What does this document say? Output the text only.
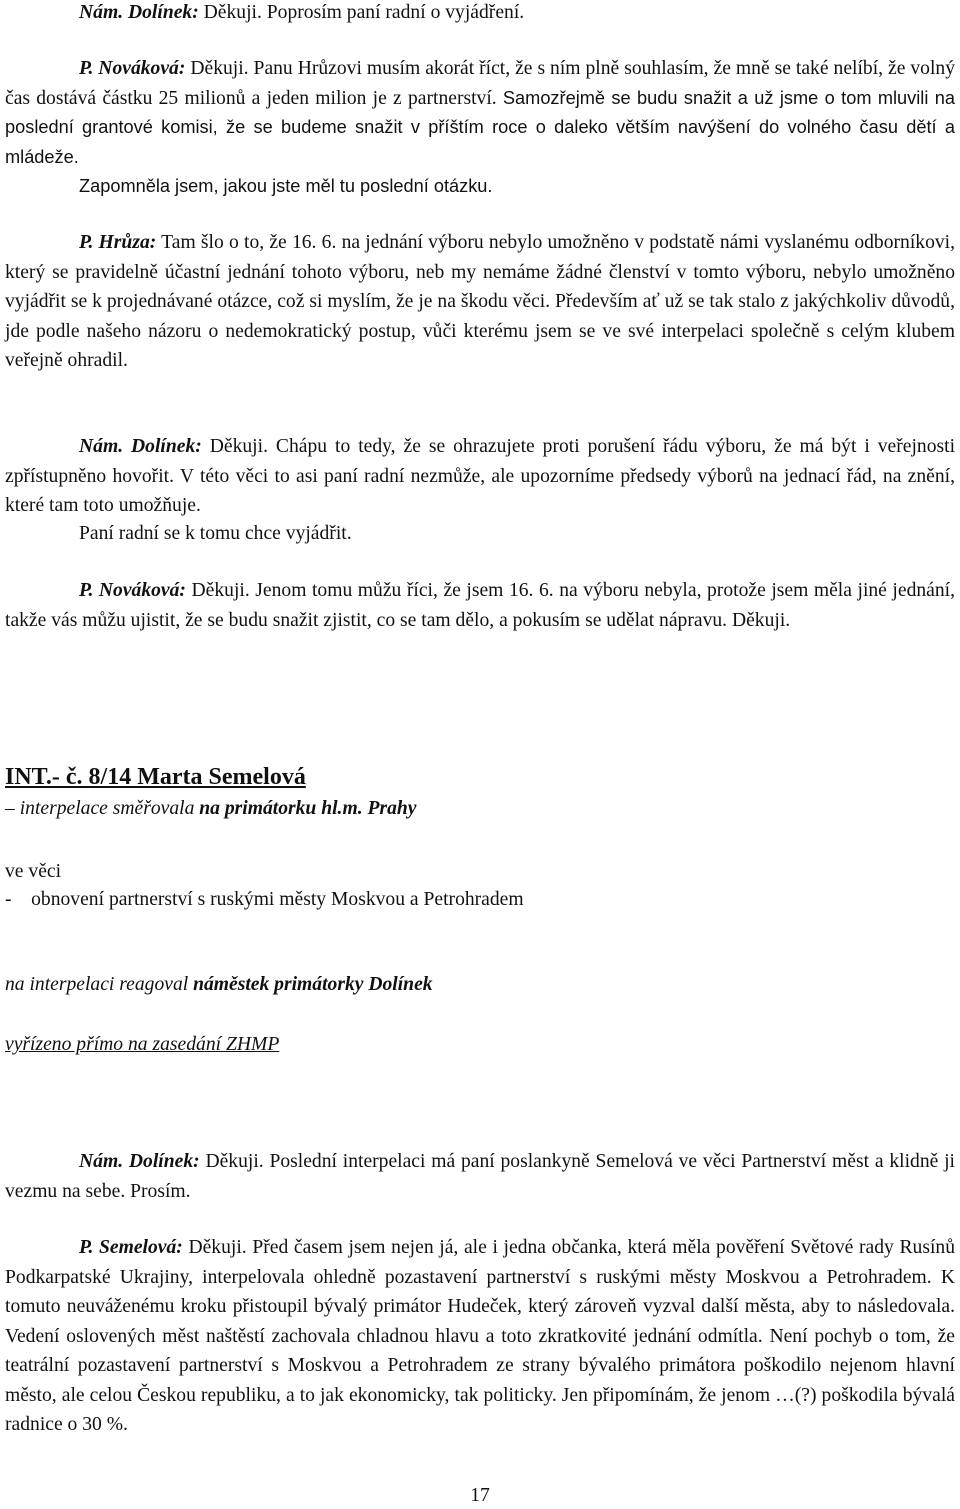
Nám. Dolínek: Děkuji. Poprosím paní radní o vyjádření.

P. Nováková: Děkuji. Panu Hrůzovi musím akorát říct, že s ním plně souhlasím, že mně se také nelíbí, že volný čas dostává částku 25 milionů a jeden milion je z partnerství. Samozřejmě se budu snažit a už jsme o tom mluvili na poslední grantové komisi, že se budeme snažit v příštím roce o daleko větším navýšení do volného času dětí a mládeže.

Zapomněla jsem, jakou jste měl tu poslední otázku.

P. Hrůza: Tam šlo o to, že 16. 6. na jednání výboru nebylo umožněno v podstatě námi vyslanému odborníkovi, který se pravidelně účastní jednání tohoto výboru, neb my nemáme žádné členství v tomto výboru, nebylo umožněno vyjádřit se k projednávané otázce, což si myslím, že je na škodu věci. Především ať už se tak stalo z jakýchkoliv důvodů, jde podle našeho názoru o nedemokratický postup, vůči kterému jsem se ve své interpelaci společně s celým klubem veřejně ohradil.

Nám. Dolínek: Děkuji. Chápu to tedy, že se ohrazujete proti porušení řádu výboru, že má být i veřejnosti zpřístupněno hovořit. V této věci to asi paní radní nezmůže, ale upozorníme předsedy výborů na jednací řád, na znění, které tam toto umožňuje.

Paní radní se k tomu chce vyjádřit.

P. Nováková: Děkuji. Jenom tomu můžu říci, že jsem 16. 6. na výboru nebyla, protože jsem měla jiné jednání, takže vás můžu ujistit, že se budu snažit zjistit, co se tam dělo, a pokusím se udělat nápravu. Děkuji.

INT.- č. 8/14 Marta Semelová
– interpelace směřovala na primátorku hl.m. Prahy
ve věci
-    obnovení partnerství s ruskými městy Moskvou a Petrohradem
na interpelaci reagoval náměstek primátorky Dolínek
vyřízeno přímo na zasedání ZHMP

Nám. Dolínek: Děkuji. Poslední interpelaci má paní poslankyně Semelová ve věci Partnerství měst a klidně ji vezmu na sebe. Prosím.

P. Semelová: Děkuji. Před časem jsem nejen já, ale i jedna občanka, která měla pověření Světové rady Rusínů Podkarpatské Ukrajiny, interpelovala ohledně pozastavení partnerství s ruskými městy Moskvou a Petrohradem. K tomuto neuváženému kroku přistoupil bývalý primátor Hudeček, který zároveň vyzval další města, aby to následovala. Vedení oslovených měst naštěstí zachovala chladnou hlavu a toto zkratkovité jednání odmítla. Není pochyb o tom, že teatrální pozastavení partnerství s Moskvou a Petrohradem ze strany bývalého primátora poškodilo nejenom hlavní město, ale celou Českou republiku, a to jak ekonomicky, tak politicky. Jen připomínám, že jenom …(?) poškodila bývalá radnice o 30 %.

17
